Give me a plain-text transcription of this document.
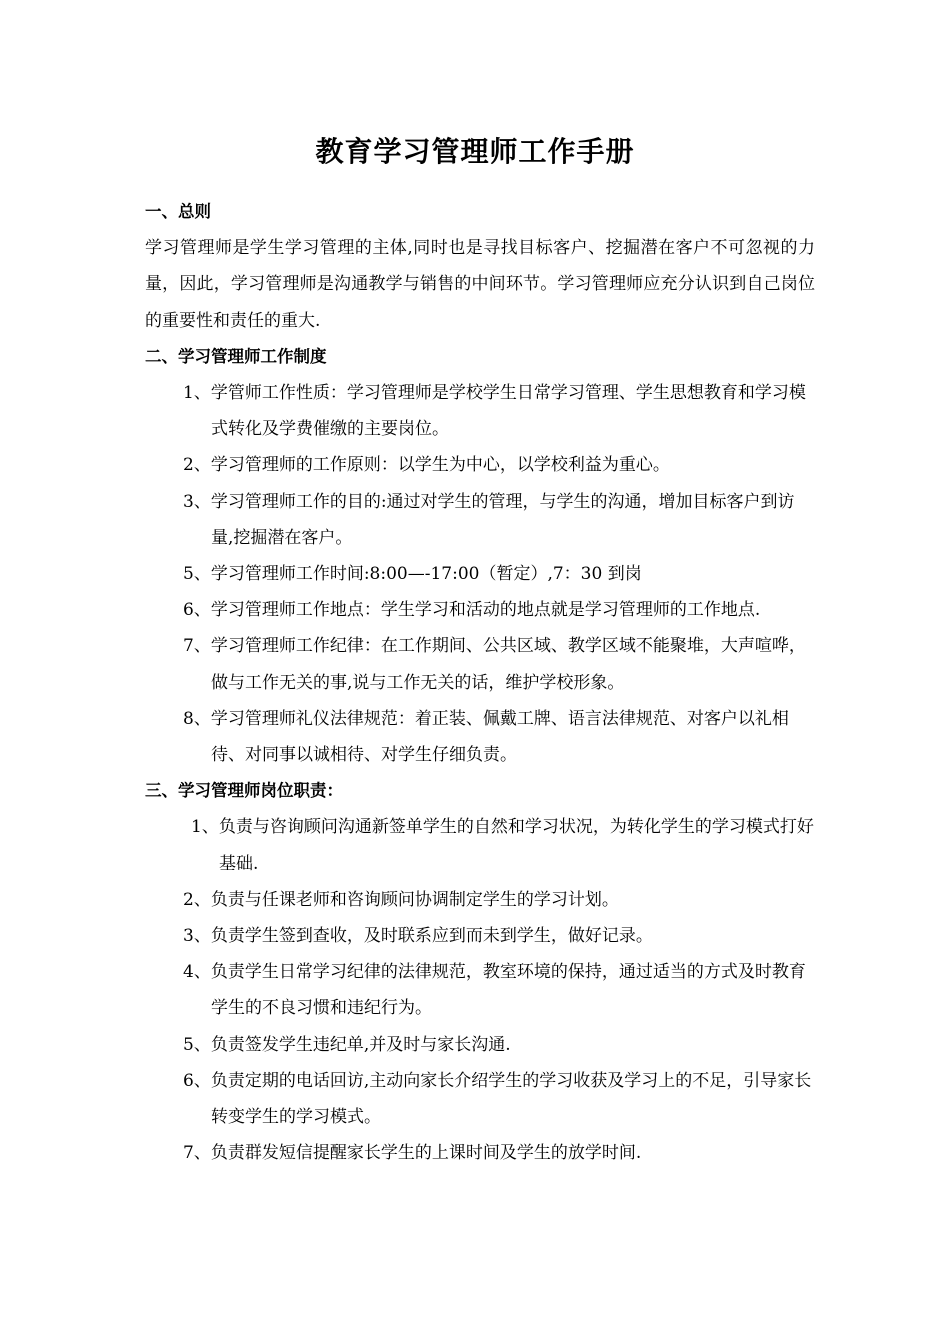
教育学习管理师工作手册
一、总则
学习管理师是学生学习管理的主体,同时也是寻找目标客户、挖掘潜在客户不可忽视的力量，因此，学习管理师是沟通教学与销售的中间环节。学习管理师应充分认识到自己岗位的重要性和责任的重大.
二、学习管理师工作制度
1、学管师工作性质：学习管理师是学校学生日常学习管理、学生思想教育和学习模式转化及学费催缴的主要岗位。
2、学习管理师的工作原则：以学生为中心，以学校利益为重心。
3、学习管理师工作的目的:通过对学生的管理，与学生的沟通，增加目标客户到访量,挖掘潜在客户。
5、学习管理师工作时间:8:00—-17:00（暂定）,7：30 到岗
6、学习管理师工作地点：学生学习和活动的地点就是学习管理师的工作地点.
7、学习管理师工作纪律：在工作期间、公共区域、教学区域不能聚堆，大声喧哗，做与工作无关的事,说与工作无关的话，维护学校形象。
8、学习管理师礼仪法律规范：着正装、佩戴工牌、语言法律规范、对客户以礼相待、对同事以诚相待、对学生仔细负责。
三、学习管理师岗位职责：
1、负责与咨询顾问沟通新签单学生的自然和学习状况，为转化学生的学习模式打好基础.
2、负责与任课老师和咨询顾问协调制定学生的学习计划。
3、负责学生签到查收，及时联系应到而未到学生，做好记录。
4、负责学生日常学习纪律的法律规范，教室环境的保持，通过适当的方式及时教育学生的不良习惯和违纪行为。
5、负责签发学生违纪单,并及时与家长沟通.
6、负责定期的电话回访,主动向家长介绍学生的学习收获及学习上的不足，引导家长转变学生的学习模式。
7、负责群发短信提醒家长学生的上课时间及学生的放学时间.
